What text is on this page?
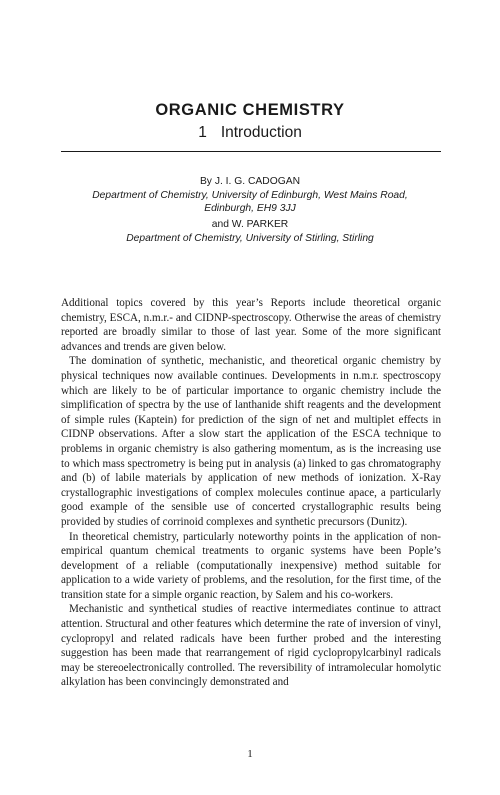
ORGANIC CHEMISTRY
1 Introduction
By J. I. G. CADOGAN
Department of Chemistry, University of Edinburgh, West Mains Road,
Edinburgh, EH9 3JJ
and W. PARKER
Department of Chemistry, University of Stirling, Stirling

Additional topics covered by this year’s Reports include theoretical organic chemistry, ESCA, n.m.r.- and CIDNP-spectroscopy. Otherwise the areas of chemistry reported are broadly similar to those of last year. Some of the more significant advances and trends are given below.

The domination of synthetic, mechanistic, and theoretical organic chemistry by physical techniques now available continues. Developments in n.m.r. spectroscopy which are likely to be of particular importance to organic chemistry include the simplification of spectra by the use of lanthanide shift reagents and the development of simple rules (Kaptein) for prediction of the sign of net and multiplet effects in CIDNP observations. After a slow start the application of the ESCA technique to problems in organic chemistry is also gathering momentum, as is the increasing use to which mass spectrometry is being put in analysis (a) linked to gas chromatography and (b) of labile materials by application of new methods of ionization. X-Ray crystallographic investigations of complex molecules continue apace, a particularly good example of the sensible use of concerted crystallographic results being provided by studies of corrinoid complexes and synthetic precursors (Dunitz).

In theoretical chemistry, particularly noteworthy points in the application of non-empirical quantum chemical treatments to organic systems have been Pople’s development of a reliable (computationally inexpensive) method suitable for application to a wide variety of problems, and the resolution, for the first time, of the transition state for a simple organic reaction, by Salem and his co-workers.

Mechanistic and synthetical studies of reactive intermediates continue to attract attention. Structural and other features which determine the rate of inversion of vinyl, cyclopropyl and related radicals have been further probed and the interesting suggestion has been made that rearrangement of rigid cyclopropylcarbinyl radicals may be stereoelectronically controlled. The reversibility of intramolecular homolytic alkylation has been convincingly demonstrated and

1
